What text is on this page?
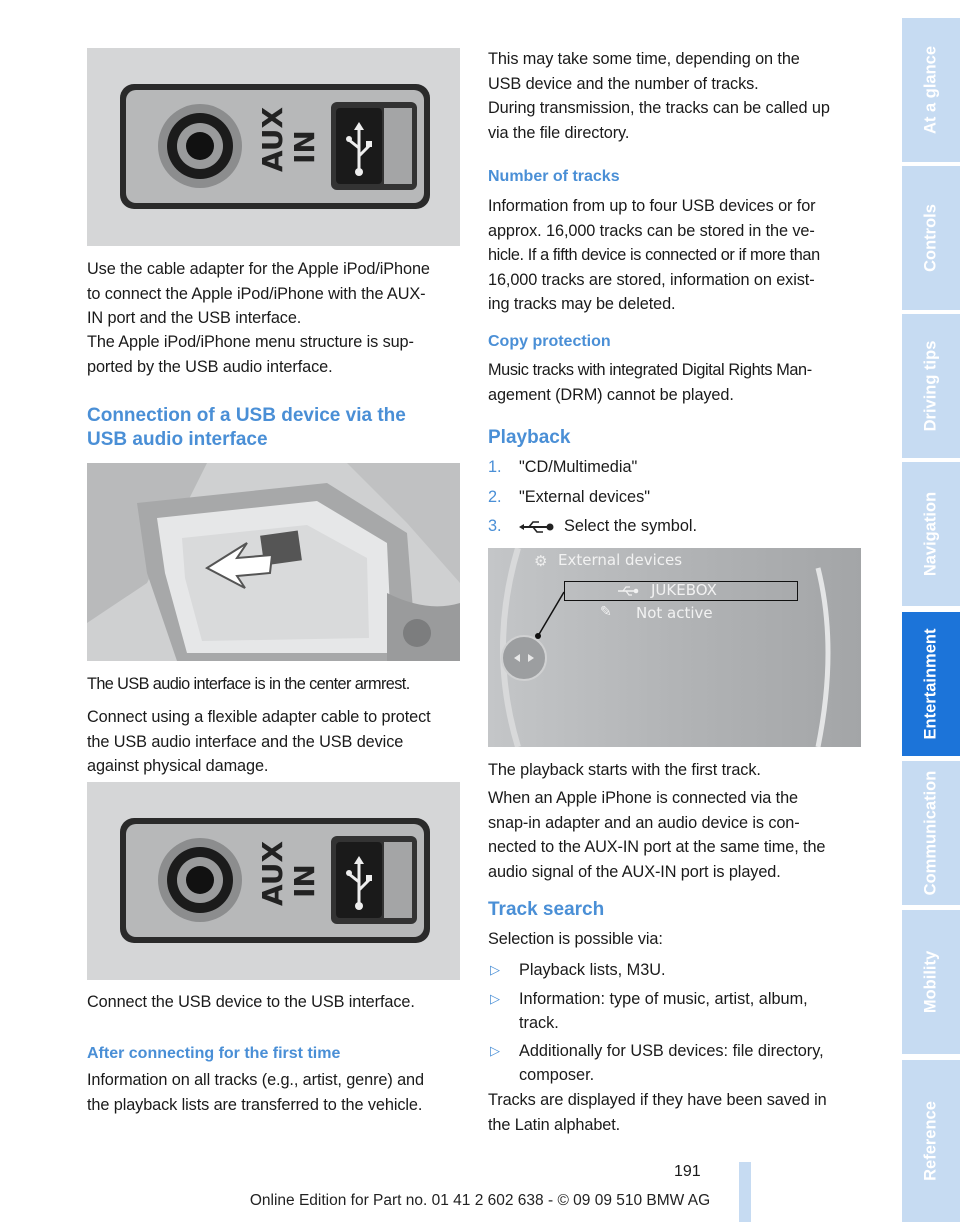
AUX IN

Use the cable adapter for the Apple iPod/iPhone

to connect the Apple iPod/iPhone with the AUX-

IN port and the USB interface.

The Apple iPod/iPhone menu structure is sup-

ported by the USB audio interface.

Connection of a USB device via the
USB audio interface

The USB audio interface is in the center armrest.

Connect using a flexible adapter cable to protect

the USB audio interface and the USB device

against physical damage.

AUX IN

Connect the USB device to the USB interface.

After connecting for the first time

Information on all tracks (e.g., artist, genre) and

the playback lists are transferred to the vehicle.

This may take some time, depending on the

USB device and the number of tracks.

During transmission, the tracks can be called up

via the file directory.

Number of tracks

Information from up to four USB devices or for

approx. 16,000 tracks can be stored in the ve-

hicle. If a fifth device is connected or if more than

16,000 tracks are stored, information on exist-

ing tracks may be deleted.

Copy protection

Music tracks with integrated Digital Rights Man-

agement (DRM) cannot be played.

Playback
1. "CD/Multimedia"
2. "External devices"
3.	Select the symbol.
⚙ External devices
JUKEBOX
✎ Not active

The playback starts with the first track.

When an Apple iPhone is connected via the

snap-in adapter and an audio device is con-

nected to the AUX-IN port at the same time, the

audio signal of the AUX-IN port is played.

Track search

Selection is possible via:

▷ Playback lists, M3U.
▷ Information: type of music, artist, album,
track.
▷ Additionally for USB devices: file directory,
composer.

Tracks are displayed if they have been saved in

the Latin alphabet.

At a glance
Controls
Driving tips
Navigation
Entertainment
Communication
Mobility
Reference
191
Online Edition for Part no. 01 41 2 602 638 - © 09 09 510 BMW AG
